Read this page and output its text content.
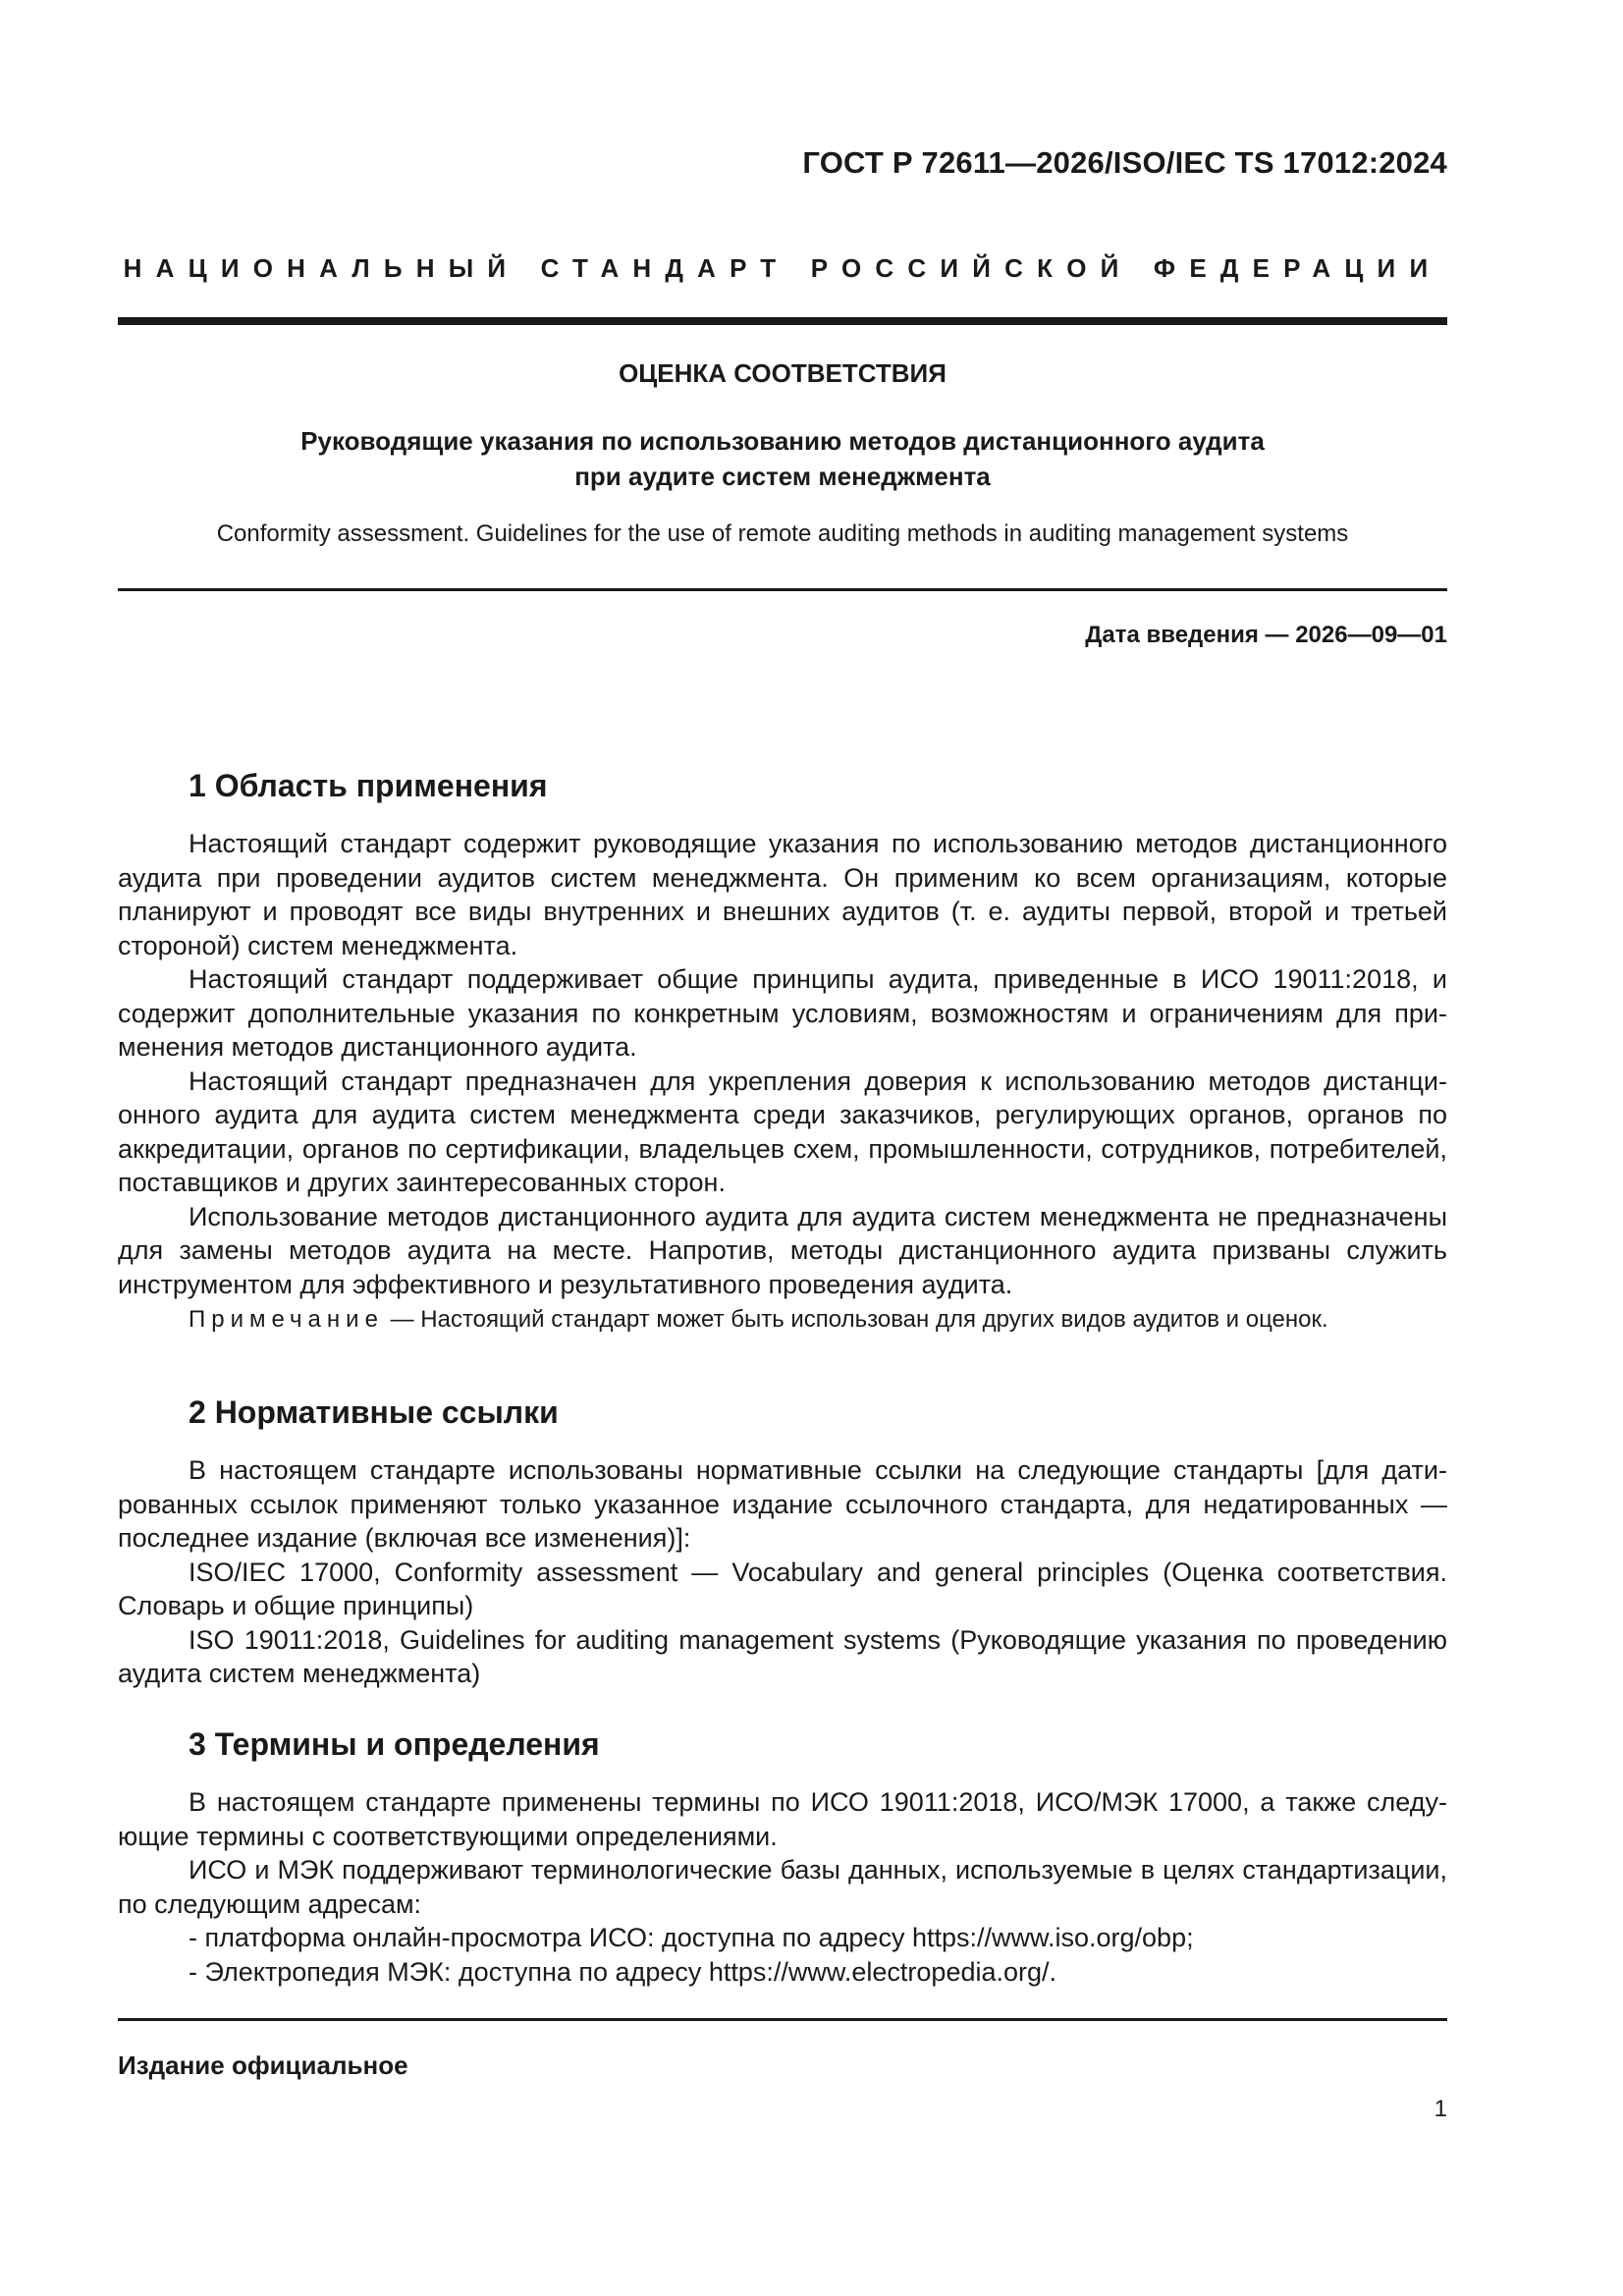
ГОСТ Р 72611—2026/ISO/IEC TS 17012:2024
НАЦИОНАЛЬНЫЙ СТАНДАРТ РОССИЙСКОЙ ФЕДЕРАЦИИ
ОЦЕНКА СООТВЕТСТВИЯ
Руководящие указания по использованию методов дистанционного аудита
при аудите систем менеджмента
Conformity assessment. Guidelines for the use of remote auditing methods in auditing management systems
Дата введения — 2026—09—01
1 Область применения

Настоящий стандарт содержит руководящие указания по использованию методов дистанционного аудита при проведении аудитов систем менеджмента. Он применим ко всем организациям, которые планируют и проводят все виды внутренних и внешних аудитов (т. е. аудиты первой, второй и третьей стороной) систем менеджмента.

Настоящий стандарт поддерживает общие принципы аудита, приведенные в ИСО 19011:2018, и содержит дополнительные указания по конкретным условиям, возможностям и ограничениям для применения методов дистанционного аудита.

Настоящий стандарт предназначен для укрепления доверия к использованию методов дистанционного аудита для аудита систем менеджмента среди заказчиков, регулирующих органов, органов по аккредитации, органов по сертификации, владельцев схем, промышленности, сотрудников, потребителей, поставщиков и других заинтересованных сторон.

Использование методов дистанционного аудита для аудита систем менеджмента не предназначены для замены методов аудита на месте. Напротив, методы дистанционного аудита призваны служить инструментом для эффективного и результативного проведения аудита.

Примечание — Настоящий стандарт может быть использован для других видов аудитов и оценок.
2 Нормативные ссылки

В настоящем стандарте использованы нормативные ссылки на следующие стандарты [для датированных ссылок применяют только указанное издание ссылочного стандарта, для недатированных — последнее издание (включая все изменения)]:

ISO/IEC 17000, Conformity assessment — Vocabulary and general principles (Оценка соответствия. Словарь и общие принципы)

ISO 19011:2018, Guidelines for auditing management systems (Руководящие указания по проведению аудита систем менеджмента)

3 Термины и определения

В настоящем стандарте применены термины по ИСО 19011:2018, ИСО/МЭК 17000, а также следующие термины с соответствующими определениями.

ИСО и МЭК поддерживают терминологические базы данных, используемые в целях стандартизации, по следующим адресам:

- платформа онлайн-просмотра ИСО: доступна по адресу https://www.iso.org/obp;
- Электропедия МЭК: доступна по адресу https://www.electropedia.org/.
Издание официальное
1
